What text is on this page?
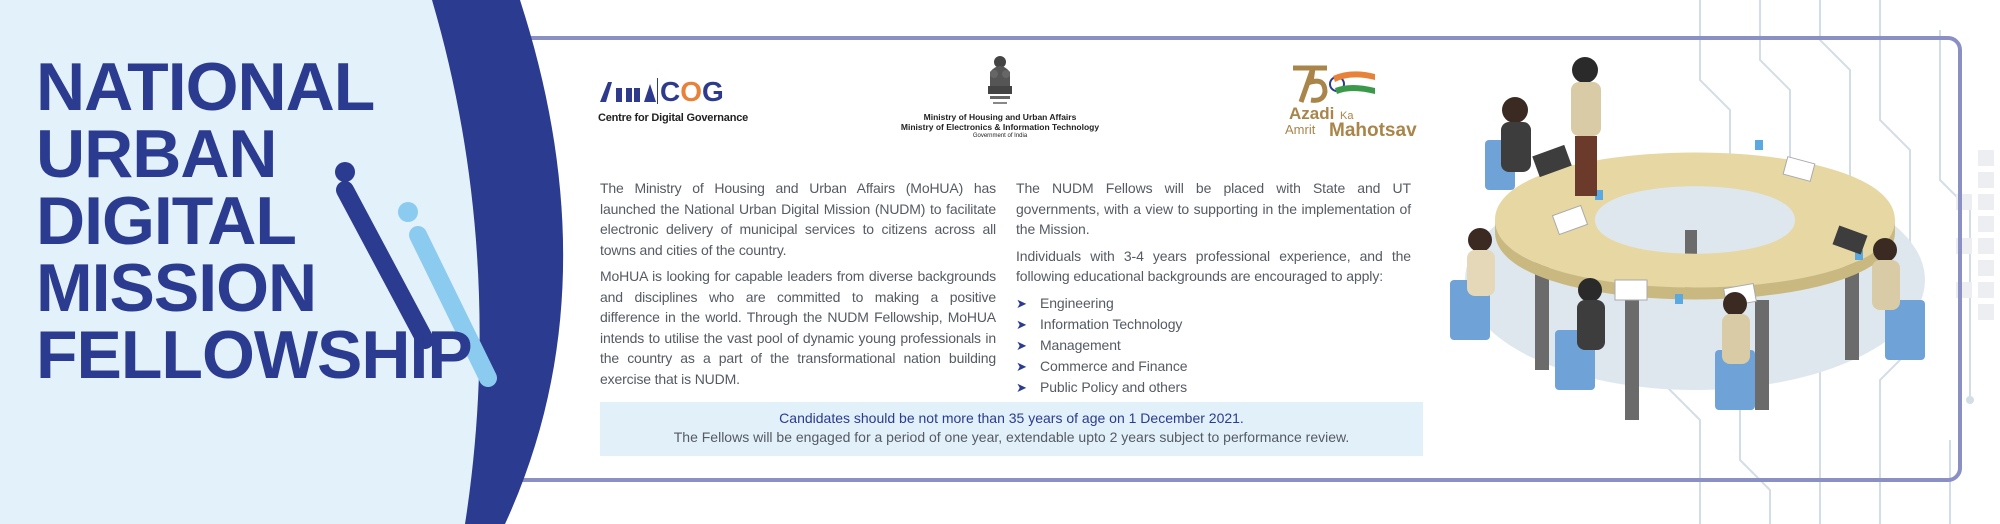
NATIONAL
URBAN
DIGITAL
MISSION
FELLOWSHIP
COG
Centre for Digital Governance	Ministry of Housing and Urban Affairs

Ministry of Electronics & Information Technology

Government of India

Azadi Ka
Amrit Mahotsav

The Ministry of Housing and Urban Affairs (MoHUA) has launched the National Urban Digital Mission (NUDM) to facilitate electronic delivery of municipal services to citizens across all towns and cities of the country.

MoHUA is looking for capable leaders from diverse backgrounds and disciplines who are committed to making a positive difference in the world. Through the NUDM Fellowship, MoHUA intends to utilise the vast pool of dynamic young professionals in the country as a part of the transformational nation building exercise that is NUDM.

The NUDM Fellows will be placed with State and UT governments, with a view to supporting in the implementation of the Mission.

Individuals with 3-4 years professional experience, and the following educational backgrounds are encouraged to apply:

➤ Engineering
➤ Information Technology
➤ Management
➤ Commerce and Finance
➤ Public Policy and others
Candidates should be not more than 35 years of age on 1 December 2021.
The Fellows will be engaged for a period of one year, extendable upto 2 years subject to performance review.
